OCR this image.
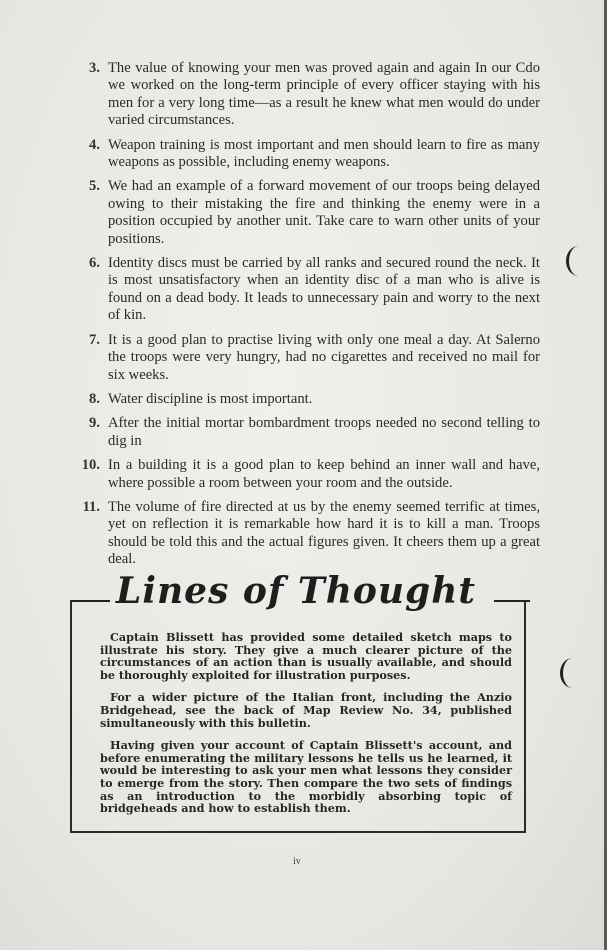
3. The value of knowing your men was proved again and again In our Cdo we worked on the long-term principle of every officer staying with his men for a very long time—as a result he knew what men would do under varied circumstances.
4. Weapon training is most important and men should learn to fire as many weapons as possible, including enemy weapons.
5. We had an example of a forward movement of our troops being delayed owing to their mistaking the fire and thinking the enemy were in a position occupied by another unit. Take care to warn other units of your positions.
6. Identity discs must be carried by all ranks and secured round the neck. It is most unsatisfactory when an identity disc of a man who is alive is found on a dead body. It leads to unnecessary pain and worry to the next of kin.
7. It is a good plan to practise living with only one meal a day. At Salerno the troops were very hungry, had no cigarettes and received no mail for six weeks.
8. Water discipline is most important.
9. After the initial mortar bombardment troops needed no second telling to dig in
10. In a building it is a good plan to keep behind an inner wall and have, where possible a room between your room and the outside.
11. The volume of fire directed at us by the enemy seemed terrific at times, yet on reflection it is remarkable how hard it is to kill a man. Troops should be told this and the actual figures given. It cheers them up a great deal.
Lines of Thought

Captain Blissett has provided some detailed sketch maps to illustrate his story. They give a much clearer picture of the circumstances of an action than is usually available, and should be thoroughly exploited for illustration purposes.

For a wider picture of the Italian front, including the Anzio Bridgehead, see the back of Map Review No. 34, published simultaneously with this bulletin.

Having given your account of Captain Blissett's account, and before enumerating the military lessons he tells us he learned, it would be interesting to ask your men what lessons they consider to emerge from the story. Then compare the two sets of findings as an introduction to the morbidly absorbing topic of bridgeheads and how to establish them.

iv
